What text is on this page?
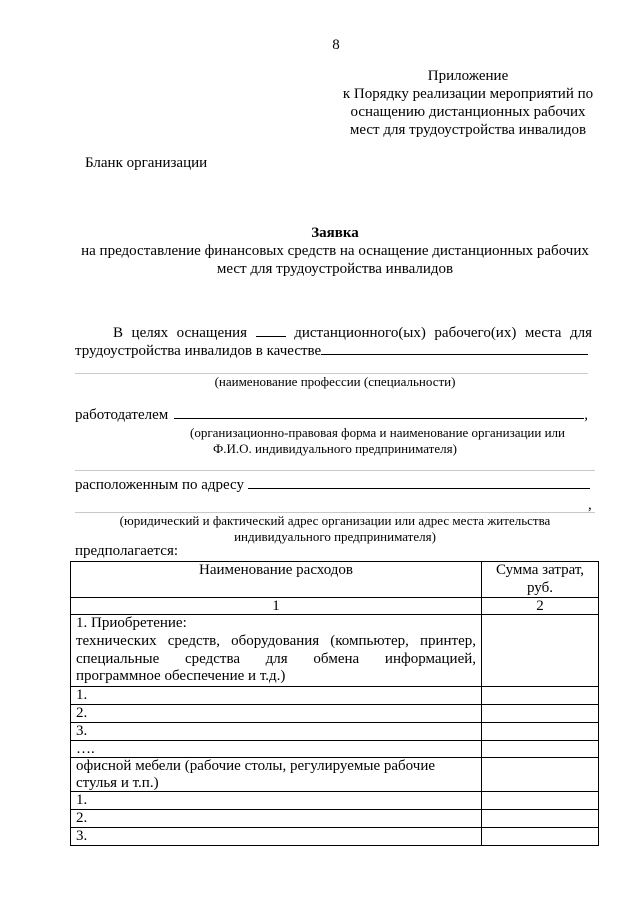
8
Приложение
к Порядку реализации мероприятий по
оснащению дистанционных рабочих
мест для трудоустройства инвалидов
Бланк организации
Заявка
на предоставление финансовых средств на оснащение дистанционных рабочих
мест для трудоустройства инвалидов
В целях оснащения	дистанционного(ых) рабочего(их) места для
трудоустройства инвалидов в качестве
(наименование профессии (специальности)
работодателем	,
(организационно-правовая форма и наименование организации или
Ф.И.О. индивидуального предпринимателя)
расположенным по адресу
,
(юридический и фактический адрес организации или адрес места жительства
индивидуального предпринимателя)
предполагается:
Наименование расходов	Сумма затрат,
руб.

1	2

1. Приобретение:
технических средств, оборудования (компьютер, принтер,
специальные средства для обмена информацией,
программное обеспечение и т.д.)	

1.	
2.	
3.	
….	

офисной мебели (рабочие столы, регулируемые рабочие
стулья и т.п.)	

1.	
2.	
3.	
